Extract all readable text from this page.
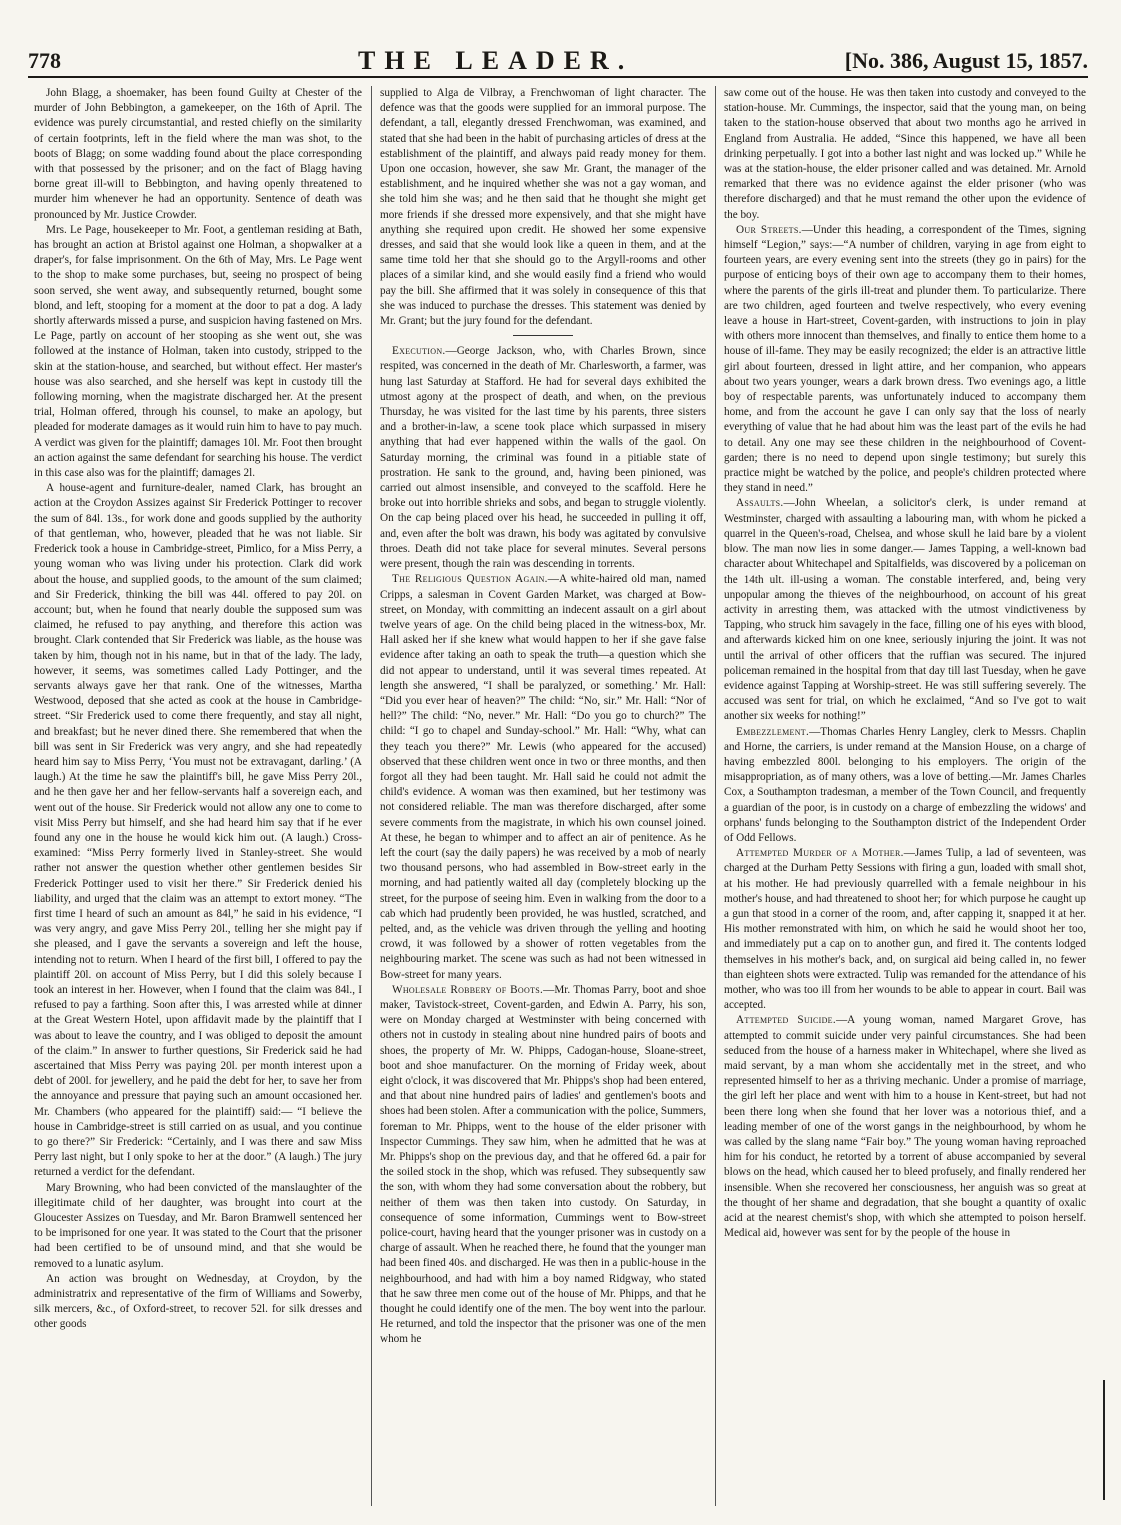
778	THE LEADER.	[No. 386, August 15, 1857.

John Blagg, a shoemaker, has been found Guilty at Chester of the murder of John Bebbington, a gamekeeper, on the 16th of April. The evidence was purely circumstantial, and rested chiefly on the similarity of certain footprints, left in the field where the man was shot, to the boots of Blagg; on some wadding found about the place corresponding with that possessed by the prisoner; and on the fact of Blagg having borne great ill-will to Bebbington, and having openly threatened to murder him whenever he had an opportunity. Sentence of death was pronounced by Mr. Justice Crowder.

Mrs. Le Page, housekeeper to Mr. Foot, a gentleman residing at Bath, has brought an action at Bristol against one Holman, a shopwalker at a draper's, for false imprisonment. On the 6th of May, Mrs. Le Page went to the shop to make some purchases, but, seeing no prospect of being soon served, she went away, and subsequently returned, bought some blond, and left, stooping for a moment at the door to pat a dog. A lady shortly afterwards missed a purse, and suspicion having fastened on Mrs. Le Page, partly on account of her stooping as she went out, she was followed at the instance of Holman, taken into custody, stripped to the skin at the station-house, and searched, but without effect. Her master's house was also searched, and she herself was kept in custody till the following morning, when the magistrate discharged her. At the present trial, Holman offered, through his counsel, to make an apology, but pleaded for moderate damages as it would ruin him to have to pay much. A verdict was given for the plaintiff; damages 10l. Mr. Foot then brought an action against the same defendant for searching his house. The verdict in this case also was for the plaintiff; damages 2l.

A house-agent and furniture-dealer, named Clark, has brought an action at the Croydon Assizes against Sir Frederick Pottinger to recover the sum of 84l. 13s., for work done and goods supplied by the authority of that gentleman, who, however, pleaded that he was not liable. Sir Frederick took a house in Cambridge-street, Pimlico, for a Miss Perry, a young woman who was living under his protection. Clark did work about the house, and supplied goods, to the amount of the sum claimed; and Sir Frederick, thinking the bill was 44l. offered to pay 20l. on account; but, when he found that nearly double the supposed sum was claimed, he refused to pay anything, and therefore this action was brought. Clark contended that Sir Frederick was liable, as the house was taken by him, though not in his name, but in that of the lady. The lady, however, it seems, was sometimes called Lady Pottinger, and the servants always gave her that rank. One of the witnesses, Martha Westwood, deposed that she acted as cook at the house in Cambridge-street. “Sir Frederick used to come there frequently, and stay all night, and breakfast; but he never dined there. She remembered that when the bill was sent in Sir Frederick was very angry, and she had repeatedly heard him say to Miss Perry, ‘You must not be extravagant, darling.’ (A laugh.) At the time he saw the plaintiff's bill, he gave Miss Perry 20l., and he then gave her and her fellow-servants half a sovereign each, and went out of the house. Sir Frederick would not allow any one to come to visit Miss Perry but himself, and she had heard him say that if he ever found any one in the house he would kick him out. (A laugh.) Cross-examined: “Miss Perry formerly lived in Stanley-street. She would rather not answer the question whether other gentlemen besides Sir Frederick Pottinger used to visit her there.” Sir Frederick denied his liability, and urged that the claim was an attempt to extort money. “The first time I heard of such an amount as 84l,” he said in his evidence, “I was very angry, and gave Miss Perry 20l., telling her she might pay if she pleased, and I gave the servants a sovereign and left the house, intending not to return. When I heard of the first bill, I offered to pay the plaintiff 20l. on account of Miss Perry, but I did this solely because I took an interest in her. However, when I found that the claim was 84l., I refused to pay a farthing. Soon after this, I was arrested while at dinner at the Great Western Hotel, upon affidavit made by the plaintiff that I was about to leave the country, and I was obliged to deposit the amount of the claim.” In answer to further questions, Sir Frederick said he had ascertained that Miss Perry was paying 20l. per month interest upon a debt of 200l. for jewellery, and he paid the debt for her, to save her from the annoyance and pressure that paying such an amount occasioned her. Mr. Chambers (who appeared for the plaintiff) said:— “I believe the house in Cambridge-street is still carried on as usual, and you continue to go there?” Sir Frederick: “Certainly, and I was there and saw Miss Perry last night, but I only spoke to her at the door.” (A laugh.) The jury returned a verdict for the defendant.

Mary Browning, who had been convicted of the manslaughter of the illegitimate child of her daughter, was brought into court at the Gloucester Assizes on Tuesday, and Mr. Baron Bramwell sentenced her to be imprisoned for one year. It was stated to the Court that the prisoner had been certified to be of unsound mind, and that she would be removed to a lunatic asylum.

An action was brought on Wednesday, at Croydon, by the administratrix and representative of the firm of Williams and Sowerby, silk mercers, &c., of Oxford-street, to recover 52l. for silk dresses and other goods

supplied to Alga de Vilbray, a Frenchwoman of light character. The defence was that the goods were supplied for an immoral purpose. The defendant, a tall, elegantly dressed Frenchwoman, was examined, and stated that she had been in the habit of purchasing articles of dress at the establishment of the plaintiff, and always paid ready money for them. Upon one occasion, however, she saw Mr. Grant, the manager of the establishment, and he inquired whether she was not a gay woman, and she told him she was; and he then said that he thought she might get more friends if she dressed more expensively, and that she might have anything she required upon credit. He showed her some expensive dresses, and said that she would look like a queen in them, and at the same time told her that she should go to the Argyll-rooms and other places of a similar kind, and she would easily find a friend who would pay the bill. She affirmed that it was solely in consequence of this that she was induced to purchase the dresses. This statement was denied by Mr. Grant; but the jury found for the defendant.

Execution.—George Jackson, who, with Charles Brown, since respited, was concerned in the death of Mr. Charlesworth, a farmer, was hung last Saturday at Stafford. He had for several days exhibited the utmost agony at the prospect of death, and when, on the previous Thursday, he was visited for the last time by his parents, three sisters and a brother-in-law, a scene took place which surpassed in misery anything that had ever happened within the walls of the gaol. On Saturday morning, the criminal was found in a pitiable state of prostration. He sank to the ground, and, having been pinioned, was carried out almost insensible, and conveyed to the scaffold. Here he broke out into horrible shrieks and sobs, and began to struggle violently. On the cap being placed over his head, he succeeded in pulling it off, and, even after the bolt was drawn, his body was agitated by convulsive throes. Death did not take place for several minutes. Several persons were present, though the rain was descending in torrents.

The Religious Question Again.—A white-haired old man, named Cripps, a salesman in Covent Garden Market, was charged at Bow-street, on Monday, with committing an indecent assault on a girl about twelve years of age. On the child being placed in the witness-box, Mr. Hall asked her if she knew what would happen to her if she gave false evidence after taking an oath to speak the truth—a question which she did not appear to understand, until it was several times repeated. At length she answered, “I shall be paralyzed, or something.’ Mr. Hall: “Did you ever hear of heaven?” The child: “No, sir.” Mr. Hall: “Nor of hell?” The child: “No, never.” Mr. Hall: “Do you go to church?” The child: “I go to chapel and Sunday-school.” Mr. Hall: “Why, what can they teach you there?” Mr. Lewis (who appeared for the accused) observed that these children went once in two or three months, and then forgot all they had been taught. Mr. Hall said he could not admit the child's evidence. A woman was then examined, but her testimony was not considered reliable. The man was therefore discharged, after some severe comments from the magistrate, in which his own counsel joined. At these, he began to whimper and to affect an air of penitence. As he left the court (say the daily papers) he was received by a mob of nearly two thousand persons, who had assembled in Bow-street early in the morning, and had patiently waited all day (completely blocking up the street, for the purpose of seeing him. Even in walking from the door to a cab which had prudently been provided, he was hustled, scratched, and pelted, and, as the vehicle was driven through the yelling and hooting crowd, it was followed by a shower of rotten vegetables from the neighbouring market. The scene was such as had not been witnessed in Bow-street for many years.

Wholesale Robbery of Boots.—Mr. Thomas Parry, boot and shoe maker, Tavistock-street, Covent-garden, and Edwin A. Parry, his son, were on Monday charged at Westminster with being concerned with others not in custody in stealing about nine hundred pairs of boots and shoes, the property of Mr. W. Phipps, Cadogan-house, Sloane-street, boot and shoe manufacturer. On the morning of Friday week, about eight o'clock, it was discovered that Mr. Phipps's shop had been entered, and that about nine hundred pairs of ladies' and gentlemen's boots and shoes had been stolen. After a communication with the police, Summers, foreman to Mr. Phipps, went to the house of the elder prisoner with Inspector Cummings. They saw him, when he admitted that he was at Mr. Phipps's shop on the previous day, and that he offered 6d. a pair for the soiled stock in the shop, which was refused. They subsequently saw the son, with whom they had some conversation about the robbery, but neither of them was then taken into custody. On Saturday, in consequence of some information, Cummings went to Bow-street police-court, having heard that the younger prisoner was in custody on a charge of assault. When he reached there, he found that the younger man had been fined 40s. and discharged. He was then in a public-house in the neighbourhood, and had with him a boy named Ridgway, who stated that he saw three men come out of the house of Mr. Phipps, and that he thought he could identify one of the men. The boy went into the parlour. He returned, and told the inspector that the prisoner was one of the men whom he

saw come out of the house. He was then taken into custody and conveyed to the station-house. Mr. Cummings, the inspector, said that the young man, on being taken to the station-house observed that about two months ago he arrived in England from Australia. He added, “Since this happened, we have all been drinking perpetually. I got into a bother last night and was locked up.” While he was at the station-house, the elder prisoner called and was detained. Mr. Arnold remarked that there was no evidence against the elder prisoner (who was therefore discharged) and that he must remand the other upon the evidence of the boy.

Our Streets.—Under this heading, a correspondent of the Times, signing himself “Legion,” says:—“A number of children, varying in age from eight to fourteen years, are every evening sent into the streets (they go in pairs) for the purpose of enticing boys of their own age to accompany them to their homes, where the parents of the girls ill-treat and plunder them. To particularize. There are two children, aged fourteen and twelve respectively, who every evening leave a house in Hart-street, Covent-garden, with instructions to join in play with others more innocent than themselves, and finally to entice them home to a house of ill-fame. They may be easily recognized; the elder is an attractive little girl about fourteen, dressed in light attire, and her companion, who appears about two years younger, wears a dark brown dress. Two evenings ago, a little boy of respectable parents, was unfortunately induced to accompany them home, and from the account he gave I can only say that the loss of nearly everything of value that he had about him was the least part of the evils he had to detail. Any one may see these children in the neighbourhood of Covent-garden; there is no need to depend upon single testimony; but surely this practice might be watched by the police, and people's children protected where they stand in need.”

Assaults.—John Wheelan, a solicitor's clerk, is under remand at Westminster, charged with assaulting a labouring man, with whom he picked a quarrel in the Queen's-road, Chelsea, and whose skull he laid bare by a violent blow. The man now lies in some danger.— James Tapping, a well-known bad character about Whitechapel and Spitalfields, was discovered by a policeman on the 14th ult. ill-using a woman. The constable interfered, and, being very unpopular among the thieves of the neighbourhood, on account of his great activity in arresting them, was attacked with the utmost vindictiveness by Tapping, who struck him savagely in the face, filling one of his eyes with blood, and afterwards kicked him on one knee, seriously injuring the joint. It was not until the arrival of other officers that the ruffian was secured. The injured policeman remained in the hospital from that day till last Tuesday, when he gave evidence against Tapping at Worship-street. He was still suffering severely. The accused was sent for trial, on which he exclaimed, “And so I've got to wait another six weeks for nothing!”

Embezzlement.—Thomas Charles Henry Langley, clerk to Messrs. Chaplin and Horne, the carriers, is under remand at the Mansion House, on a charge of having embezzled 800l. belonging to his employers. The origin of the misappropriation, as of many others, was a love of betting.—Mr. James Charles Cox, a Southampton tradesman, a member of the Town Council, and frequently a guardian of the poor, is in custody on a charge of embezzling the widows' and orphans' funds belonging to the Southampton district of the Independent Order of Odd Fellows.

Attempted Murder of a Mother.—James Tulip, a lad of seventeen, was charged at the Durham Petty Sessions with firing a gun, loaded with small shot, at his mother. He had previously quarrelled with a female neighbour in his mother's house, and had threatened to shoot her; for which purpose he caught up a gun that stood in a corner of the room, and, after capping it, snapped it at her. His mother remonstrated with him, on which he said he would shoot her too, and immediately put a cap on to another gun, and fired it. The contents lodged themselves in his mother's back, and, on surgical aid being called in, no fewer than eighteen shots were extracted. Tulip was remanded for the attendance of his mother, who was too ill from her wounds to be able to appear in court. Bail was accepted.

Attempted Suicide.—A young woman, named Margaret Grove, has attempted to commit suicide under very painful circumstances. She had been seduced from the house of a harness maker in Whitechapel, where she lived as maid servant, by a man whom she accidentally met in the street, and who represented himself to her as a thriving mechanic. Under a promise of marriage, the girl left her place and went with him to a house in Kent-street, but had not been there long when she found that her lover was a notorious thief, and a leading member of one of the worst gangs in the neighbourhood, by whom he was called by the slang name “Fair boy.” The young woman having reproached him for his conduct, he retorted by a torrent of abuse accompanied by several blows on the head, which caused her to bleed profusely, and finally rendered her insensible. When she recovered her consciousness, her anguish was so great at the thought of her shame and degradation, that she bought a quantity of oxalic acid at the nearest chemist's shop, with which she attempted to poison herself. Medical aid, however was sent for by the people of the house in
